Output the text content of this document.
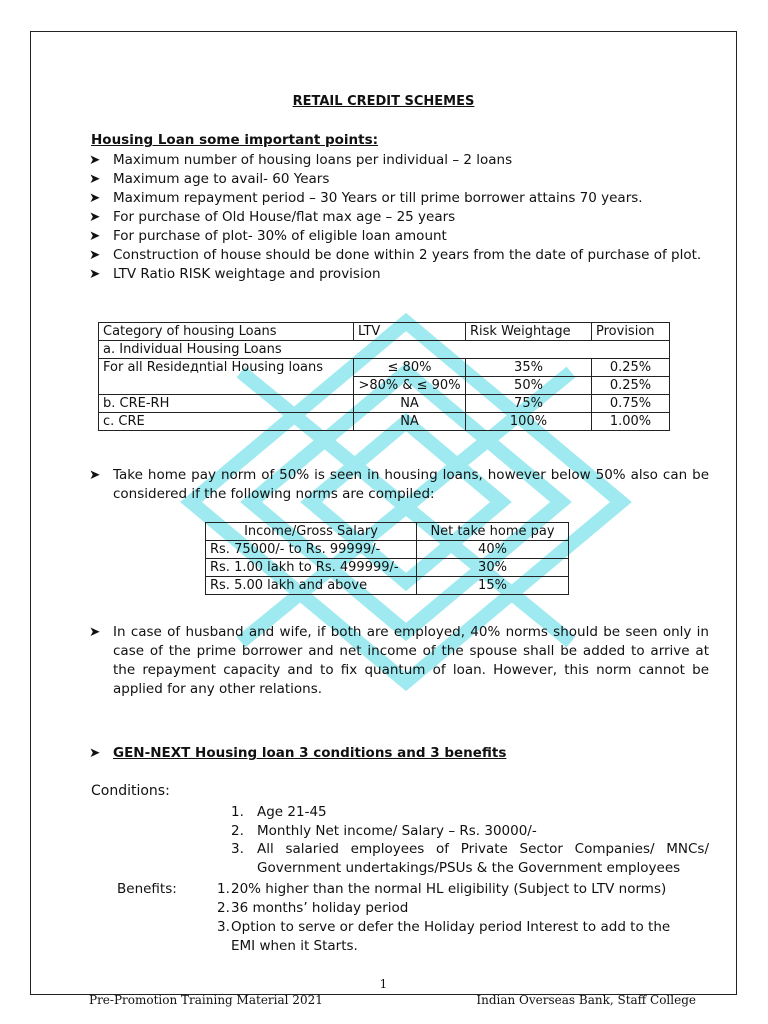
RETAIL CREDIT SCHEMES
Housing Loan some important points:
➤ Maximum number of housing loans per individual – 2 loans
➤ Maximum age to avail- 60 Years
➤ Maximum repayment period – 30 Years or till prime borrower attains 70 years.
➤ For purchase of Old House/flat max age – 25 years
➤ For purchase of plot- 30% of eligible loan amount
➤ Construction of house should be done within 2 years from the date of purchase of plot.
➤ LTV Ratio RISK weightage and provision
Category of housing Loans	LTV	Risk Weightage	Provision
a. Individual Housing Loans			
For all Resideдntial Housing loans	≤ 80%	35%	0.25%
	>80% & ≤ 90%	50%	0.25%
b. CRE-RH	NA	75%	0.75%
c. CRE	NA	100%	1.00%
➤ Take home pay norm of 50% is seen in housing loans, however below 50% also can be considered if the following norms are compiled:
Income/Gross Salary	Net take home pay
Rs. 75000/- to Rs. 99999/-	40%
Rs. 1.00 lakh to Rs. 499999/-	30%
Rs. 5.00 lakh and above	15%
➤ In case of husband and wife, if both are employed, 40% norms should be seen only in case of the prime borrower and net income of the spouse shall be added to arrive at the repayment capacity and to fix quantum of loan. However, this norm cannot be applied for any other relations.
➤ GEN-NEXT Housing loan 3 conditions and 3 benefits
Conditions:
1. Age 21-45
2. Monthly Net income/ Salary – Rs. 30000/-
3. All salaried employees of Private Sector Companies/ MNCs/ Government undertakings/PSUs & the Government employees
Benefits:	1. 20% higher than the normal HL eligibility (Subject to LTV norms)
2. 36 months’ holiday period
3. Option to serve or defer the Holiday period Interest to add to the EMI when it Starts.
1
Pre-Promotion Training Material 2021	Indian Overseas Bank, Staff College
